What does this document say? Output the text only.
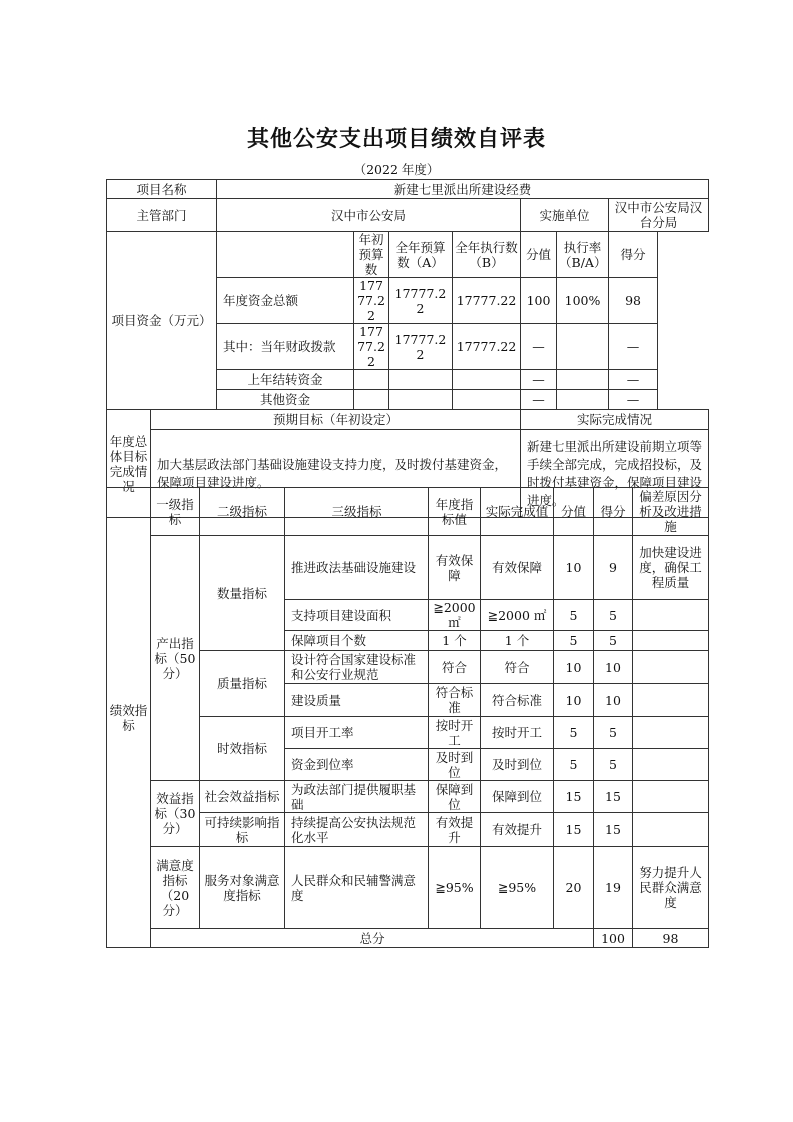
其他公安支出项目绩效自评表
（2022 年度）
项目名称		新建七里派出所建设经费						
主管部门		汉中市公安局				实施单位		汉中市公安局汉台分局
项目资金（万元）			年初预算数	全年预算数（A）	全年执行数（B）	分值	执行率（B/A）	得分
		年度资金总额	17777.22	17777.22	17777.22	100	100%	98
		其中：当年财政拨款	17777.22	17777.22	17777.22	—		—
		上年结转资金				—		—
		其他资金				—		—
年度总体目标完成情况	预期目标（年初设定）					实际完成情况		
	加大基层政法部门基础设施建设支持力度，及时拨付基建资金，保障项目建设进度。					新建七里派出所建设前期立项等手续全部完成，完成招投标，及时拨付基建资金，保障项目建设进度。		
绩效指标	一级指标	二级指标	三级指标	年度指标值	实际完成值	分值	得分	偏差原因分析及改进措施	
	产出指标（50分）	数量指标	推进政法基础设施建设	有效保障	有效保障	10	9	加快建设进度，确保工程质量	
			支持项目建设面积	≧2000㎡	≧2000 ㎡	5	5		
			保障项目个数	1 个	1 个	5	5		
		质量指标	设计符合国家建设标准和公安行业规范	符合	符合	10	10		
			建设质量	符合标准	符合标准	10	10		
		时效指标	项目开工率	按时开工	按时开工	5	5		
			资金到位率	及时到位	及时到位	5	5		
	效益指标（30分）	社会效益指标	为政法部门提供履职基础	保障到位	保障到位	15	15		
		可持续影响指标	持续提高公安执法规范化水平	有效提升	有效提升	15	15		
	满意度指标（20分）	服务对象满意度指标	人民群众和民辅警满意度	≧95%	≧95%	20	19	努力提升人民群众满意度	
	总分						100	98	
